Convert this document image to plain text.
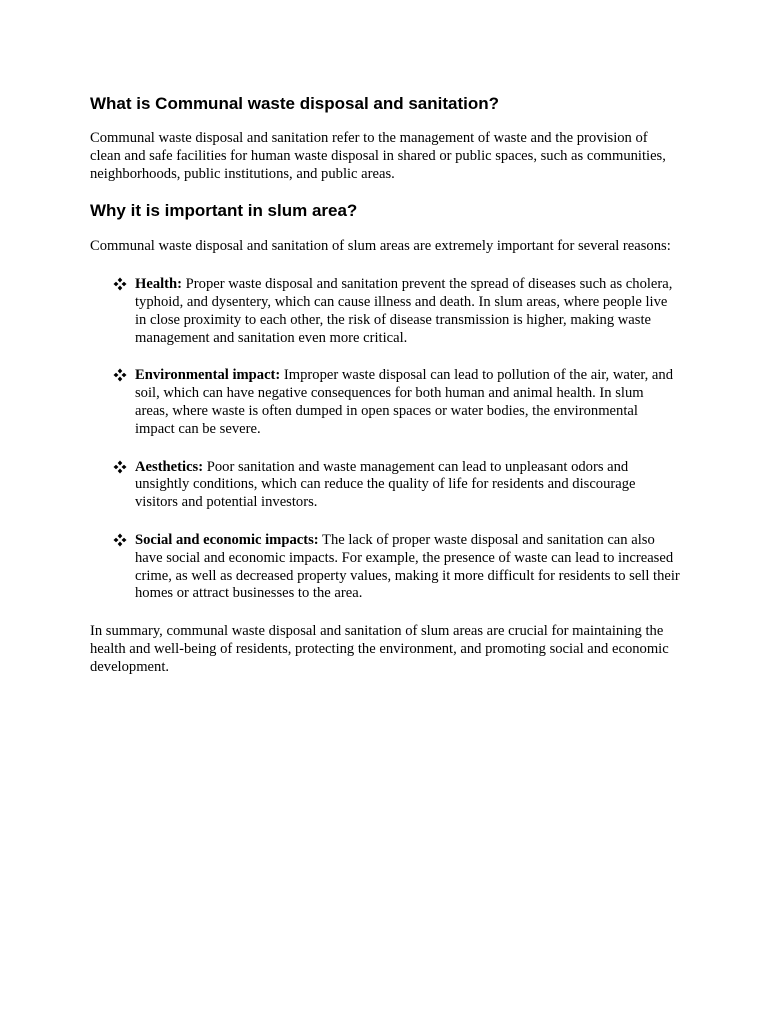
What is Communal waste disposal and sanitation?

Communal waste disposal and sanitation refer to the management of waste and the provision of clean and safe facilities for human waste disposal in shared or public spaces, such as communities, neighborhoods, public institutions, and public areas.

Why it is important in slum area?

Communal waste disposal and sanitation of slum areas are extremely important for several reasons:

Health: Proper waste disposal and sanitation prevent the spread of diseases such as cholera, typhoid, and dysentery, which can cause illness and death. In slum areas, where people live in close proximity to each other, the risk of disease transmission is higher, making waste management and sanitation even more critical.
Environmental impact: Improper waste disposal can lead to pollution of the air, water, and soil, which can have negative consequences for both human and animal health. In slum areas, where waste is often dumped in open spaces or water bodies, the environmental impact can be severe.
Aesthetics: Poor sanitation and waste management can lead to unpleasant odors and unsightly conditions, which can reduce the quality of life for residents and discourage visitors and potential investors.
Social and economic impacts: The lack of proper waste disposal and sanitation can also have social and economic impacts. For example, the presence of waste can lead to increased crime, as well as decreased property values, making it more difficult for residents to sell their homes or attract businesses to the area.

In summary, communal waste disposal and sanitation of slum areas are crucial for maintaining the health and well-being of residents, protecting the environment, and promoting social and economic development.
